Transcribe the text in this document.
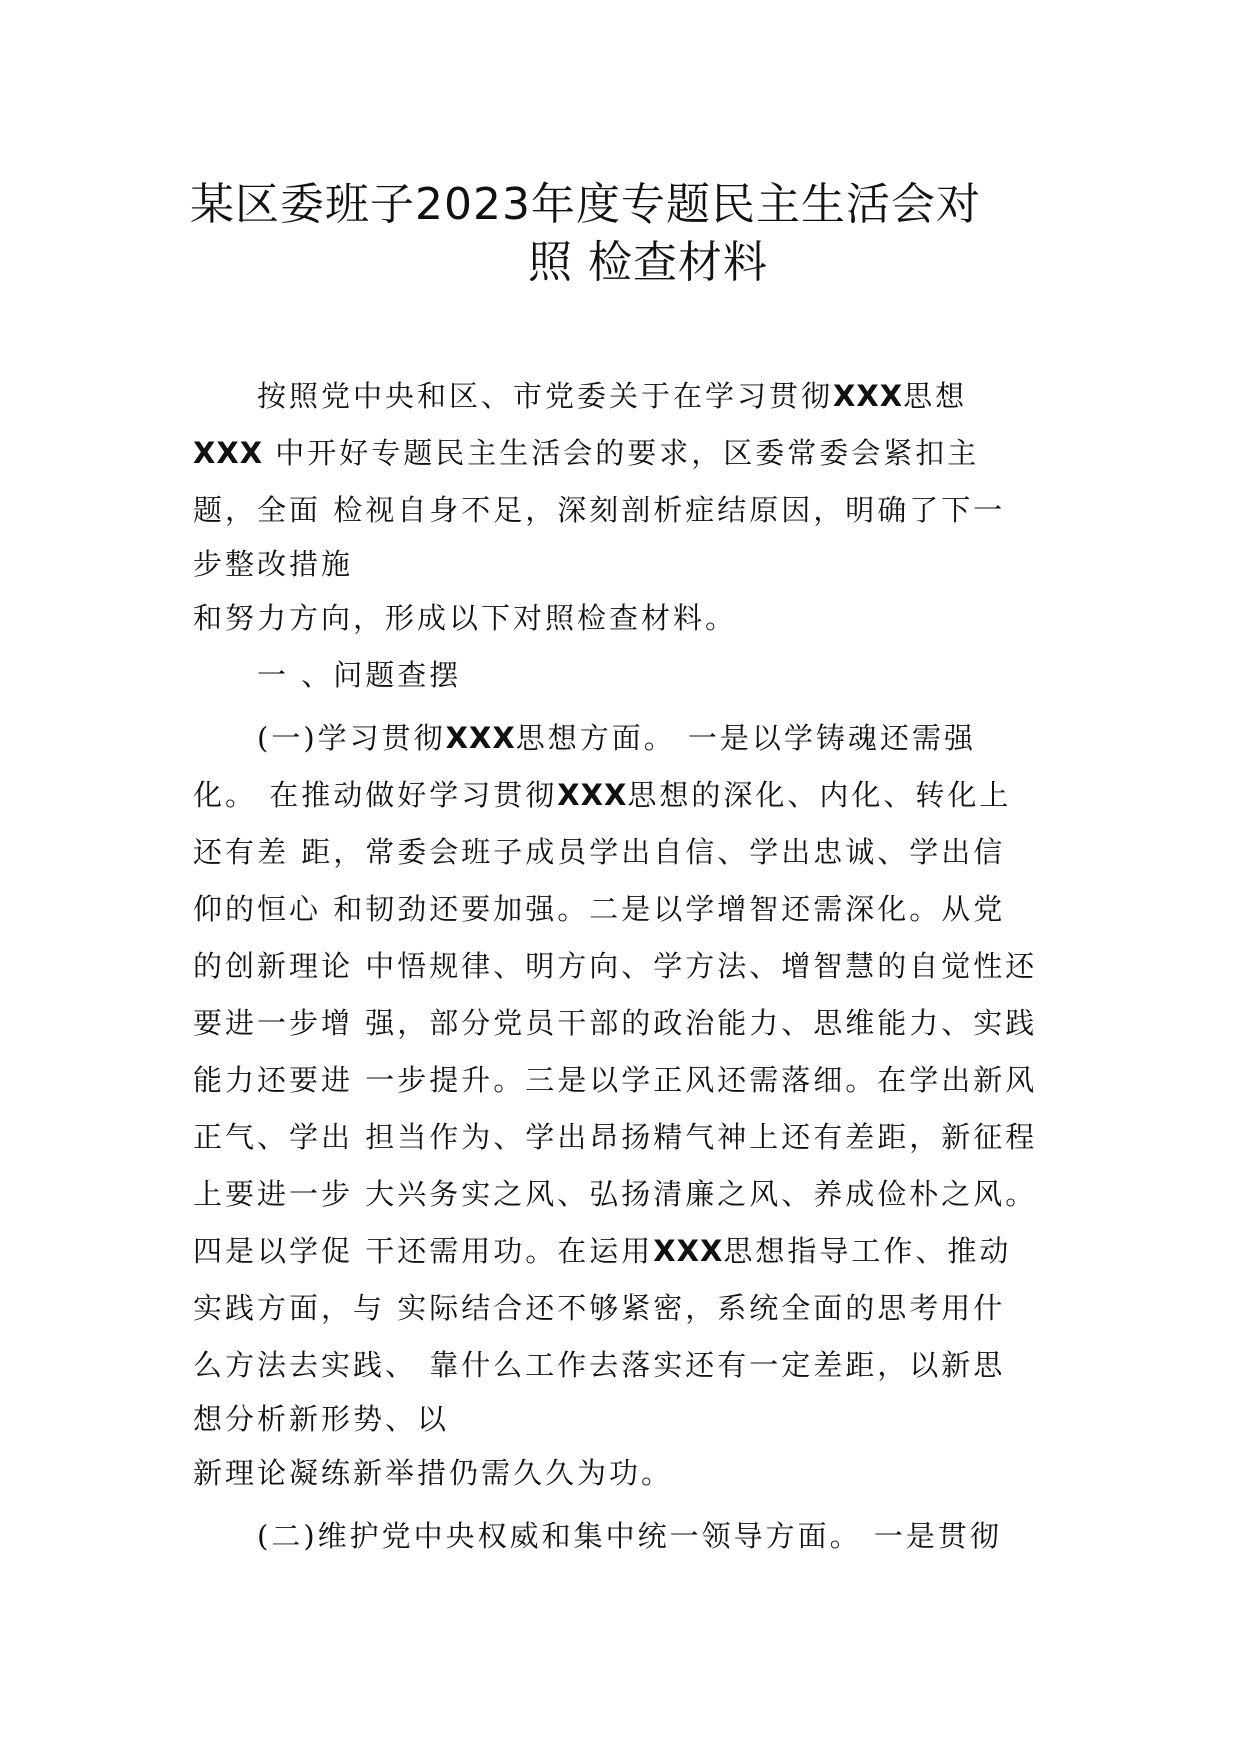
某区委班子2023年度专题民主生活会对
照 检查材料
　　按照党中央和区、市党委关于在学习贯彻XXX思想
XXX 中开好专题民主生活会的要求，区委常委会紧扣主
题，全面 检视自身不足，深刻剖析症结原因，明确了下一
步整改措施
和努力方向，形成以下对照检查材料。
　　一 、问题查摆
　　(一)学习贯彻XXX思想方面。 一是以学铸魂还需强
化。 在推动做好学习贯彻XXX思想的深化、内化、转化上
还有差 距，常委会班子成员学出自信、学出忠诚、学出信
仰的恒心 和韧劲还要加强。二是以学增智还需深化。从党
的创新理论 中悟规律、明方向、学方法、增智慧的自觉性还
要进一步增 强，部分党员干部的政治能力、思维能力、实践
能力还要进 一步提升。三是以学正风还需落细。在学出新风
正气、学出 担当作为、学出昂扬精气神上还有差距，新征程
上要进一步 大兴务实之风、弘扬清廉之风、养成俭朴之风。
四是以学促 干还需用功。在运用XXX思想指导工作、推动
实践方面，与 实际结合还不够紧密，系统全面的思考用什
么方法去实践、 靠什么工作去落实还有一定差距，以新思
想分析新形势、以
新理论凝练新举措仍需久久为功。
　　(二)维护党中央权威和集中统一领导方面。 一是贯彻
